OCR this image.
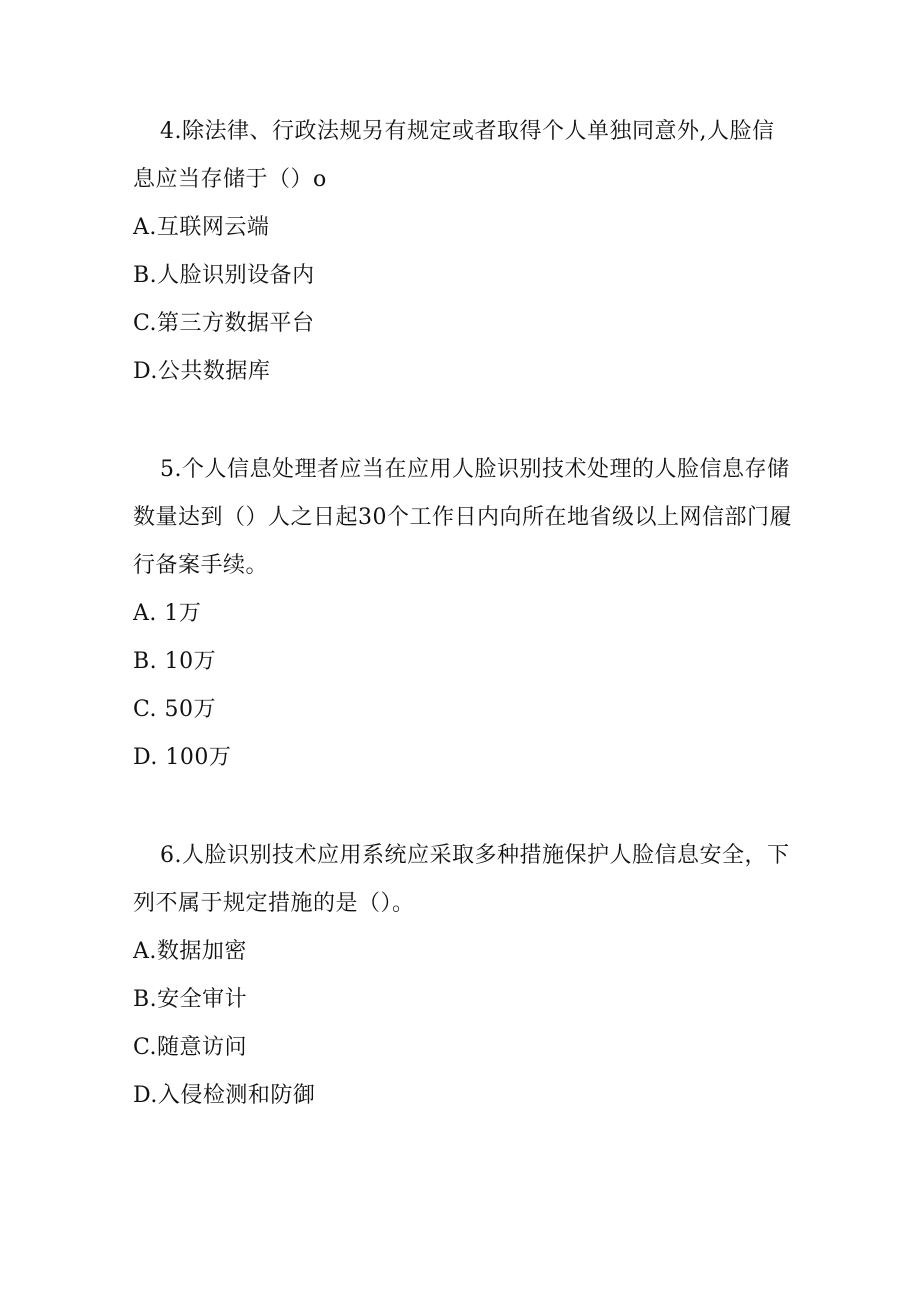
4.除法律、行政法规另有规定或者取得个人单独同意外,人脸信息应当存储于（）o

A.互联网云端
B.人脸识别设备内
C.第三方数据平台
D.公共数据库

5.个人信息处理者应当在应用人脸识别技术处理的人脸信息存储数量达到（）人之日起30个工作日内向所在地省级以上网信部门履行备案手续。

A. 1万
B. 10万
C. 50万
D. 100万

6.人脸识别技术应用系统应采取多种措施保护人脸信息安全，下列不属于规定措施的是（）。

A.数据加密
B.安全审计
C.随意访问
D.入侵检测和防御
